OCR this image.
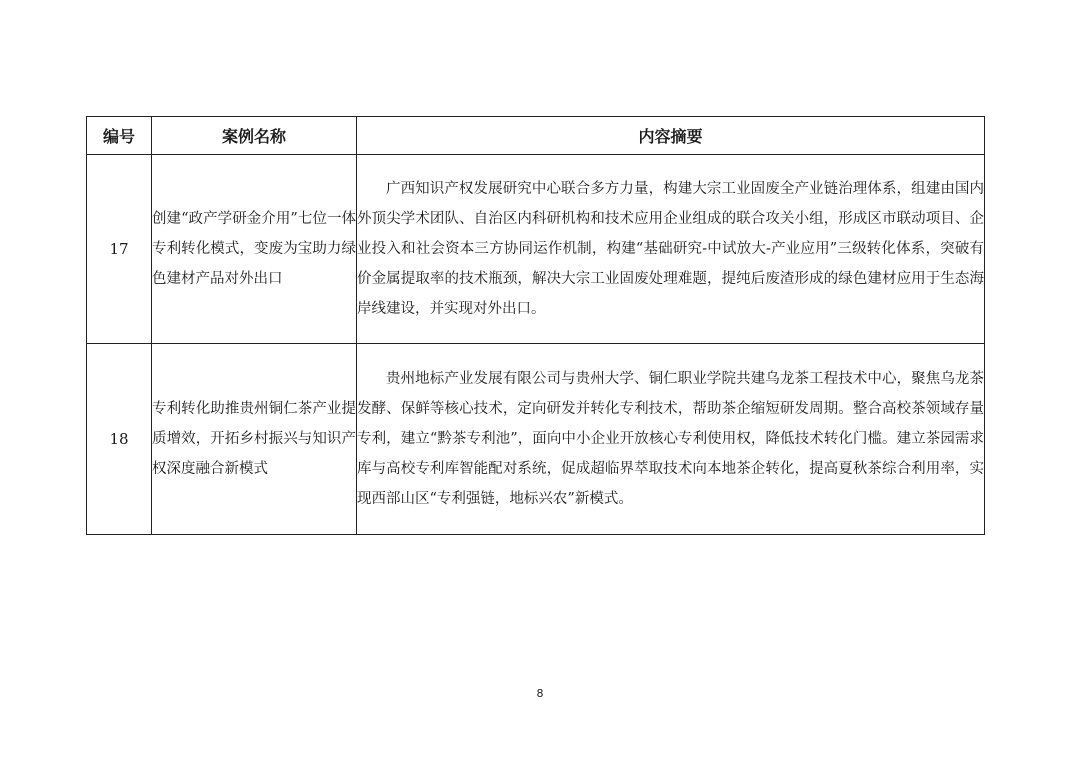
编号	案例名称	内容摘要
17	创建“政产学研金介用”七位一体专利转化模式，变废为宝助力绿色建材产品对外出口	广西知识产权发展研究中心联合多方力量，构建大宗工业固废全产业链治理体系，组建由国内外顶尖学术团队、自治区内科研机构和技术应用企业组成的联合攻关小组，形成区市联动项目、企业投入和社会资本三方协同运作机制，构建“基础研究-中试放大-产业应用”三级转化体系，突破有价金属提取率的技术瓶颈，解决大宗工业固废处理难题，提纯后废渣形成的绿色建材应用于生态海岸线建设，并实现对外出口。

18	专利转化助推贵州铜仁茶产业提质增效，开拓乡村振兴与知识产权深度融合新模式	贵州地标产业发展有限公司与贵州大学、铜仁职业学院共建乌龙茶工程技术中心，聚焦乌龙茶发酵、保鲜等核心技术，定向研发并转化专利技术，帮助茶企缩短研发周期。整合高校茶领域存量专利，建立“黔茶专利池”，面向中小企业开放核心专利使用权，降低技术转化门槛。建立茶园需求库与高校专利库智能配对系统，促成超临界萃取技术向本地茶企转化，提高夏秋茶综合利用率，实现西部山区“专利强链，地标兴农”新模式。

8
